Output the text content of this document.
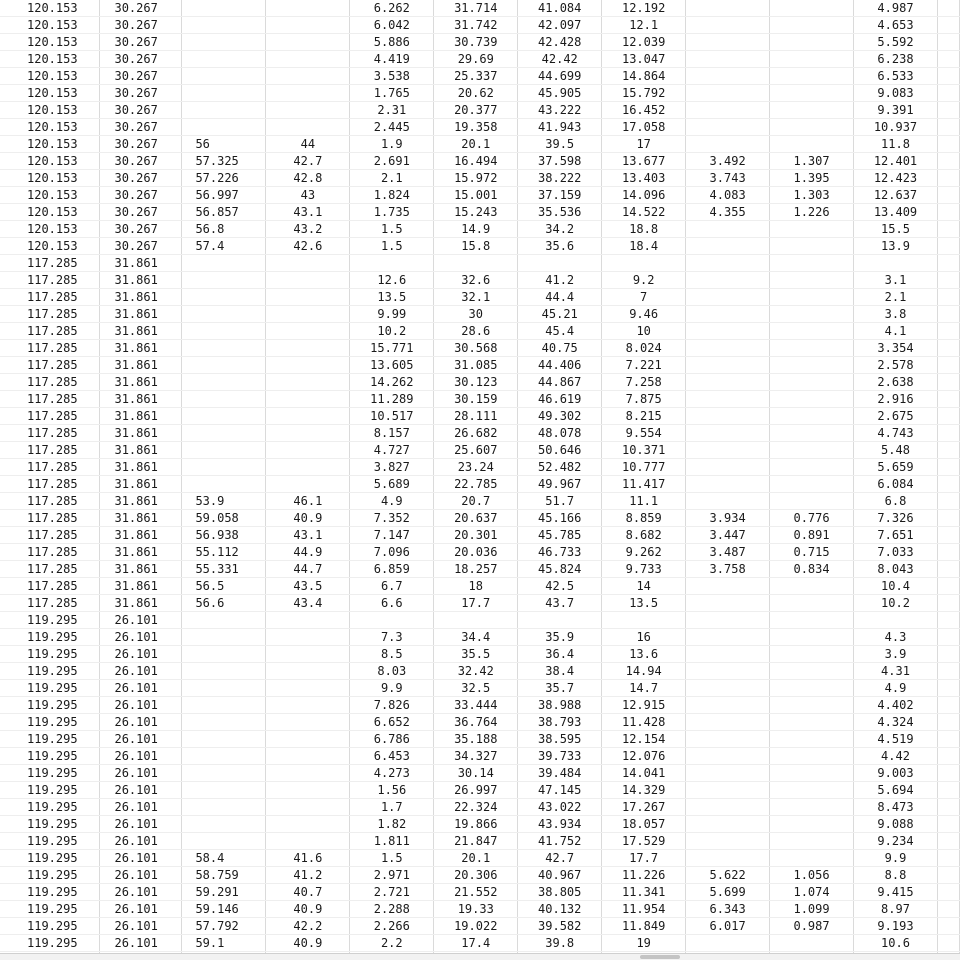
120.153	30.267			6.262	31.714	41.084	12.192			4.987	
120.153	30.267			6.042	31.742	42.097	12.1			4.653	
120.153	30.267			5.886	30.739	42.428	12.039			5.592	
120.153	30.267			4.419	29.69	42.42	13.047			6.238	
120.153	30.267			3.538	25.337	44.699	14.864			6.533	
120.153	30.267			1.765	20.62	45.905	15.792			9.083	
120.153	30.267			2.31	20.377	43.222	16.452			9.391	
120.153	30.267			2.445	19.358	41.943	17.058			10.937	
120.153	30.267	56	44	1.9	20.1	39.5	17			11.8	
120.153	30.267	57.325	42.7	2.691	16.494	37.598	13.677	3.492	1.307	12.401	
120.153	30.267	57.226	42.8	2.1	15.972	38.222	13.403	3.743	1.395	12.423	
120.153	30.267	56.997	43	1.824	15.001	37.159	14.096	4.083	1.303	12.637	
120.153	30.267	56.857	43.1	1.735	15.243	35.536	14.522	4.355	1.226	13.409	
120.153	30.267	56.8	43.2	1.5	14.9	34.2	18.8			15.5	
120.153	30.267	57.4	42.6	1.5	15.8	35.6	18.4			13.9	
117.285	31.861										
117.285	31.861			12.6	32.6	41.2	9.2			3.1	
117.285	31.861			13.5	32.1	44.4	7			2.1	
117.285	31.861			9.99	30	45.21	9.46			3.8	
117.285	31.861			10.2	28.6	45.4	10			4.1	
117.285	31.861			15.771	30.568	40.75	8.024			3.354	
117.285	31.861			13.605	31.085	44.406	7.221			2.578	
117.285	31.861			14.262	30.123	44.867	7.258			2.638	
117.285	31.861			11.289	30.159	46.619	7.875			2.916	
117.285	31.861			10.517	28.111	49.302	8.215			2.675	
117.285	31.861			8.157	26.682	48.078	9.554			4.743	
117.285	31.861			4.727	25.607	50.646	10.371			5.48	
117.285	31.861			3.827	23.24	52.482	10.777			5.659	
117.285	31.861			5.689	22.785	49.967	11.417			6.084	
117.285	31.861	53.9	46.1	4.9	20.7	51.7	11.1			6.8	
117.285	31.861	59.058	40.9	7.352	20.637	45.166	8.859	3.934	0.776	7.326	
117.285	31.861	56.938	43.1	7.147	20.301	45.785	8.682	3.447	0.891	7.651	
117.285	31.861	55.112	44.9	7.096	20.036	46.733	9.262	3.487	0.715	7.033	
117.285	31.861	55.331	44.7	6.859	18.257	45.824	9.733	3.758	0.834	8.043	
117.285	31.861	56.5	43.5	6.7	18	42.5	14			10.4	
117.285	31.861	56.6	43.4	6.6	17.7	43.7	13.5			10.2	
119.295	26.101										
119.295	26.101			7.3	34.4	35.9	16			4.3	
119.295	26.101			8.5	35.5	36.4	13.6			3.9	
119.295	26.101			8.03	32.42	38.4	14.94			4.31	
119.295	26.101			9.9	32.5	35.7	14.7			4.9	
119.295	26.101			7.826	33.444	38.988	12.915			4.402	
119.295	26.101			6.652	36.764	38.793	11.428			4.324	
119.295	26.101			6.786	35.188	38.595	12.154			4.519	
119.295	26.101			6.453	34.327	39.733	12.076			4.42	
119.295	26.101			4.273	30.14	39.484	14.041			9.003	
119.295	26.101			1.56	26.997	47.145	14.329			5.694	
119.295	26.101			1.7	22.324	43.022	17.267			8.473	
119.295	26.101			1.82	19.866	43.934	18.057			9.088	
119.295	26.101			1.811	21.847	41.752	17.529			9.234	
119.295	26.101	58.4	41.6	1.5	20.1	42.7	17.7			9.9	
119.295	26.101	58.759	41.2	2.971	20.306	40.967	11.226	5.622	1.056	8.8	
119.295	26.101	59.291	40.7	2.721	21.552	38.805	11.341	5.699	1.074	9.415	
119.295	26.101	59.146	40.9	2.288	19.33	40.132	11.954	6.343	1.099	8.97	
119.295	26.101	57.792	42.2	2.266	19.022	39.582	11.849	6.017	0.987	9.193	
119.295	26.101	59.1	40.9	2.2	17.4	39.8	19			10.6	
